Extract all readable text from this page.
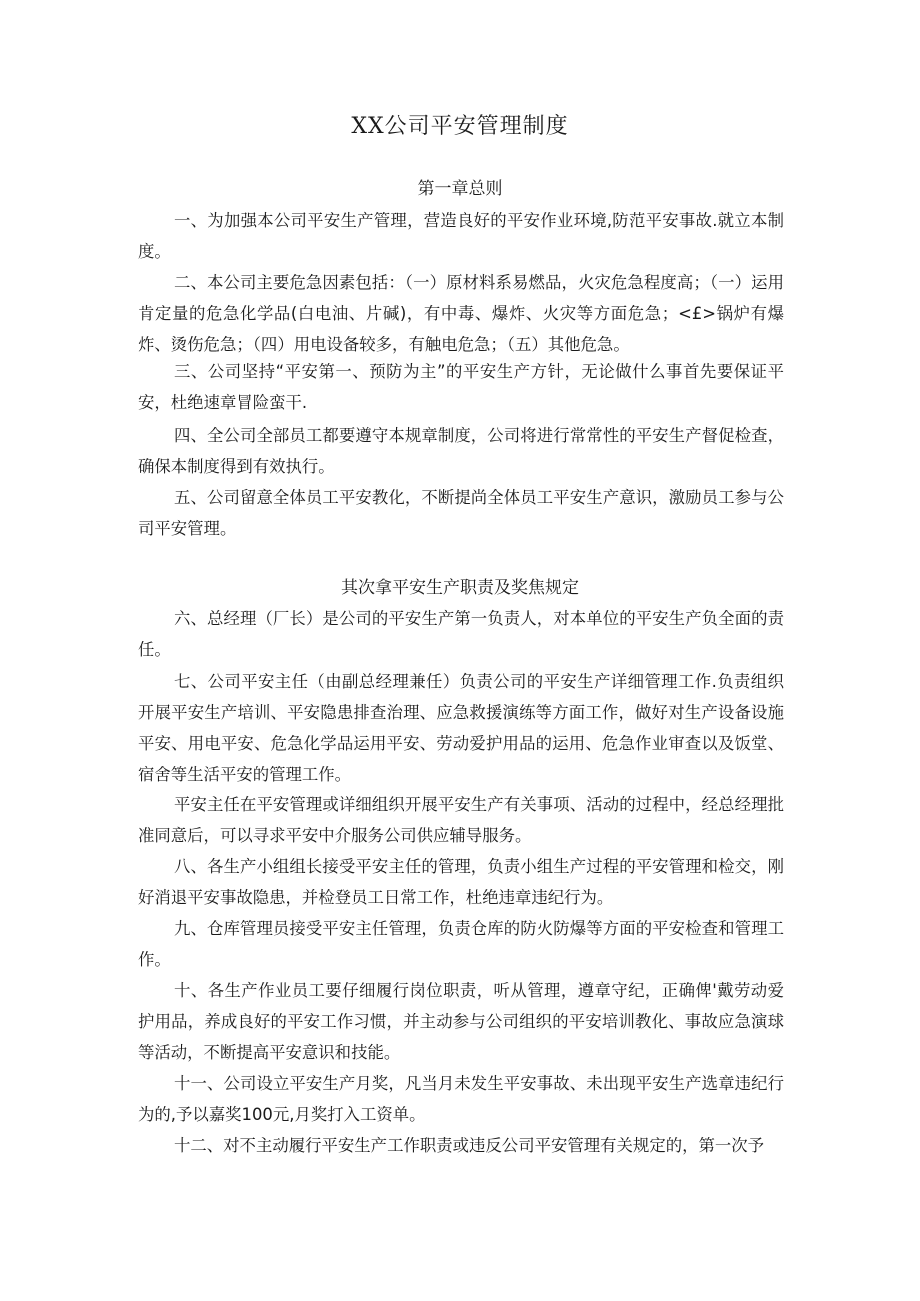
XX公司平安管理制度
第一章总则

一、为加强本公司平安生产管理，营造良好的平安作业环境,防范平安事故.就立本制度。

二、本公司主要危急因素包括：（一）原材料系易燃品，火灾危急程度高；（一）运用肯定量的危急化学品(白电油、片碱)，有中毒、爆炸、火灾等方面危急；<£>锅炉有爆炸、烫伤危急；（四）用电设备较多，有触电危急；（五）其他危急。

三、公司坚持“平安第一、预防为主”的平安生产方针，无论做什么事首先要保证平安，杜绝速章冒险蛮干.

四、全公司全部员工都要遵守本规章制度，公司将进行常常性的平安生产督促检查，确保本制度得到有效执行。

五、公司留意全体员工平安教化，不断提尚全体员工平安生产意识，激励员工参与公司平安管理。

其次拿平安生产职责及奖焦规定

六、总经理（厂长）是公司的平安生产第一负责人，对本单位的平安生产负全面的责任。

七、公司平安主任（由副总经理兼任）负责公司的平安生产详细管理工作.负责组织开展平安生产培训、平安隐患排查治理、应急救援演练等方面工作，做好对生产设备设施平安、用电平安、危急化学品运用平安、劳动爱护用品的运用、危急作业审查以及饭堂、宿舍等生活平安的管理工作。

平安主任在平安管理或详细组织开展平安生产有关事项、活动的过程中，经总经理批准同意后，可以寻求平安中介服务公司供应辅导服务。

八、各生产小组组长接受平安主任的管理，负责小组生产过程的平安管理和检交，刚好消退平安事故隐患，并检登员工日常工作，杜绝违章违纪行为。

九、仓库管理员接受平安主任管理，负责仓库的防火防爆等方面的平安检查和管理工作。

十、各生产作业员工要仔细履行岗位职责，听从管理，遵章守纪，正确俾'戴劳动爱护用品，养成良好的平安工作习惯，并主动参与公司组织的平安培训教化、事故应急演球等活动，不断提高平安意识和技能。

十一、公司设立平安生产月奖，凡当月未发生平安事故、未出现平安生产选章违纪行为的,予以嘉奖100元,月奖打入工资单。

十二、对不主动履行平安生产工作职责或违反公司平安管理有关规定的，第一次予
